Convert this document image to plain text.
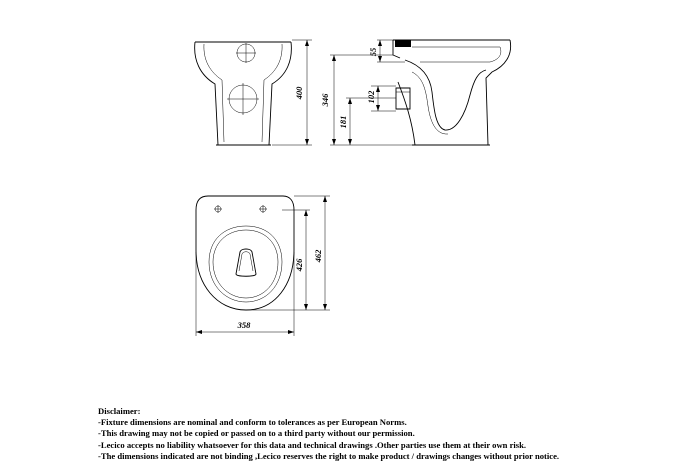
400
55
346	102
181
358
426
462
Disclaimer:
-Fixture dimensions are nominal and conform to tolerances as per European Norms.
-This drawing may not be copied or passed on to a third party without our permission.
-Lecico accepts no liability whatsoever for this data and technical drawings .Other parties use them at their own risk.
-The dimensions indicated are not binding ,Lecico reserves the right to make product / drawings changes without prior notice.
